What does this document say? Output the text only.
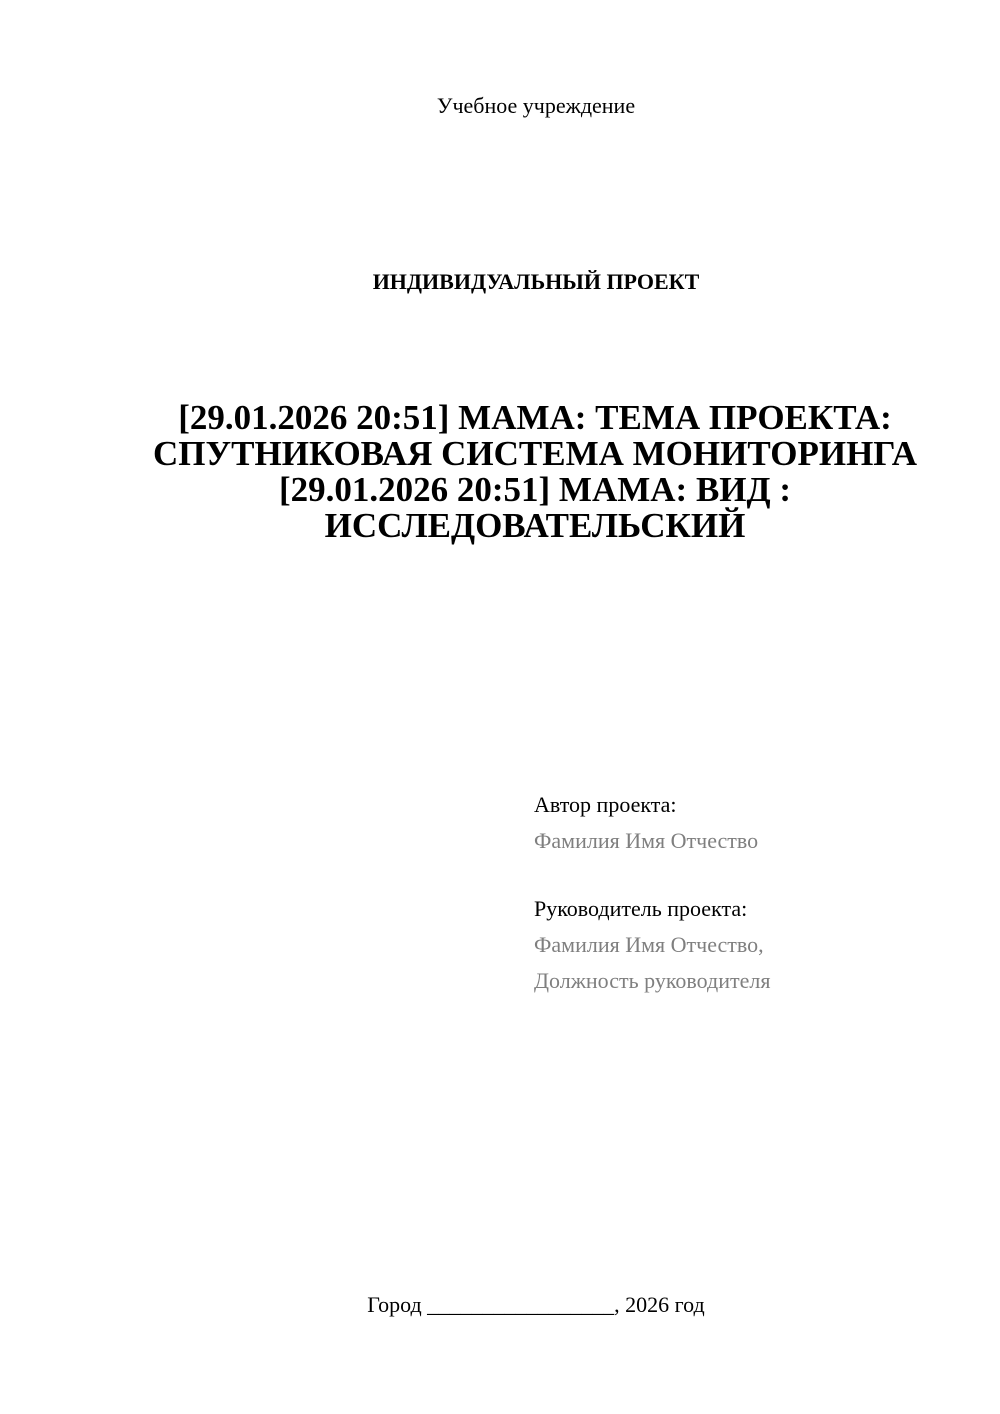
Учебное учреждение
ИНДИВИДУАЛЬНЫЙ ПРОЕКТ
[29.01.2026 20:51] МАМА: ТЕМА ПРОЕКТА: СПУТНИКОВАЯ СИСТЕМА МОНИТОРИНГА [29.01.2026 20:51] МАМА: ВИД : ИССЛЕДОВАТЕЛЬСКИЙ
Автор проекта:
Фамилия Имя Отчество
Руководитель проекта:
Фамилия Имя Отчество,
Должность руководителя
Город _________________, 2026 год
